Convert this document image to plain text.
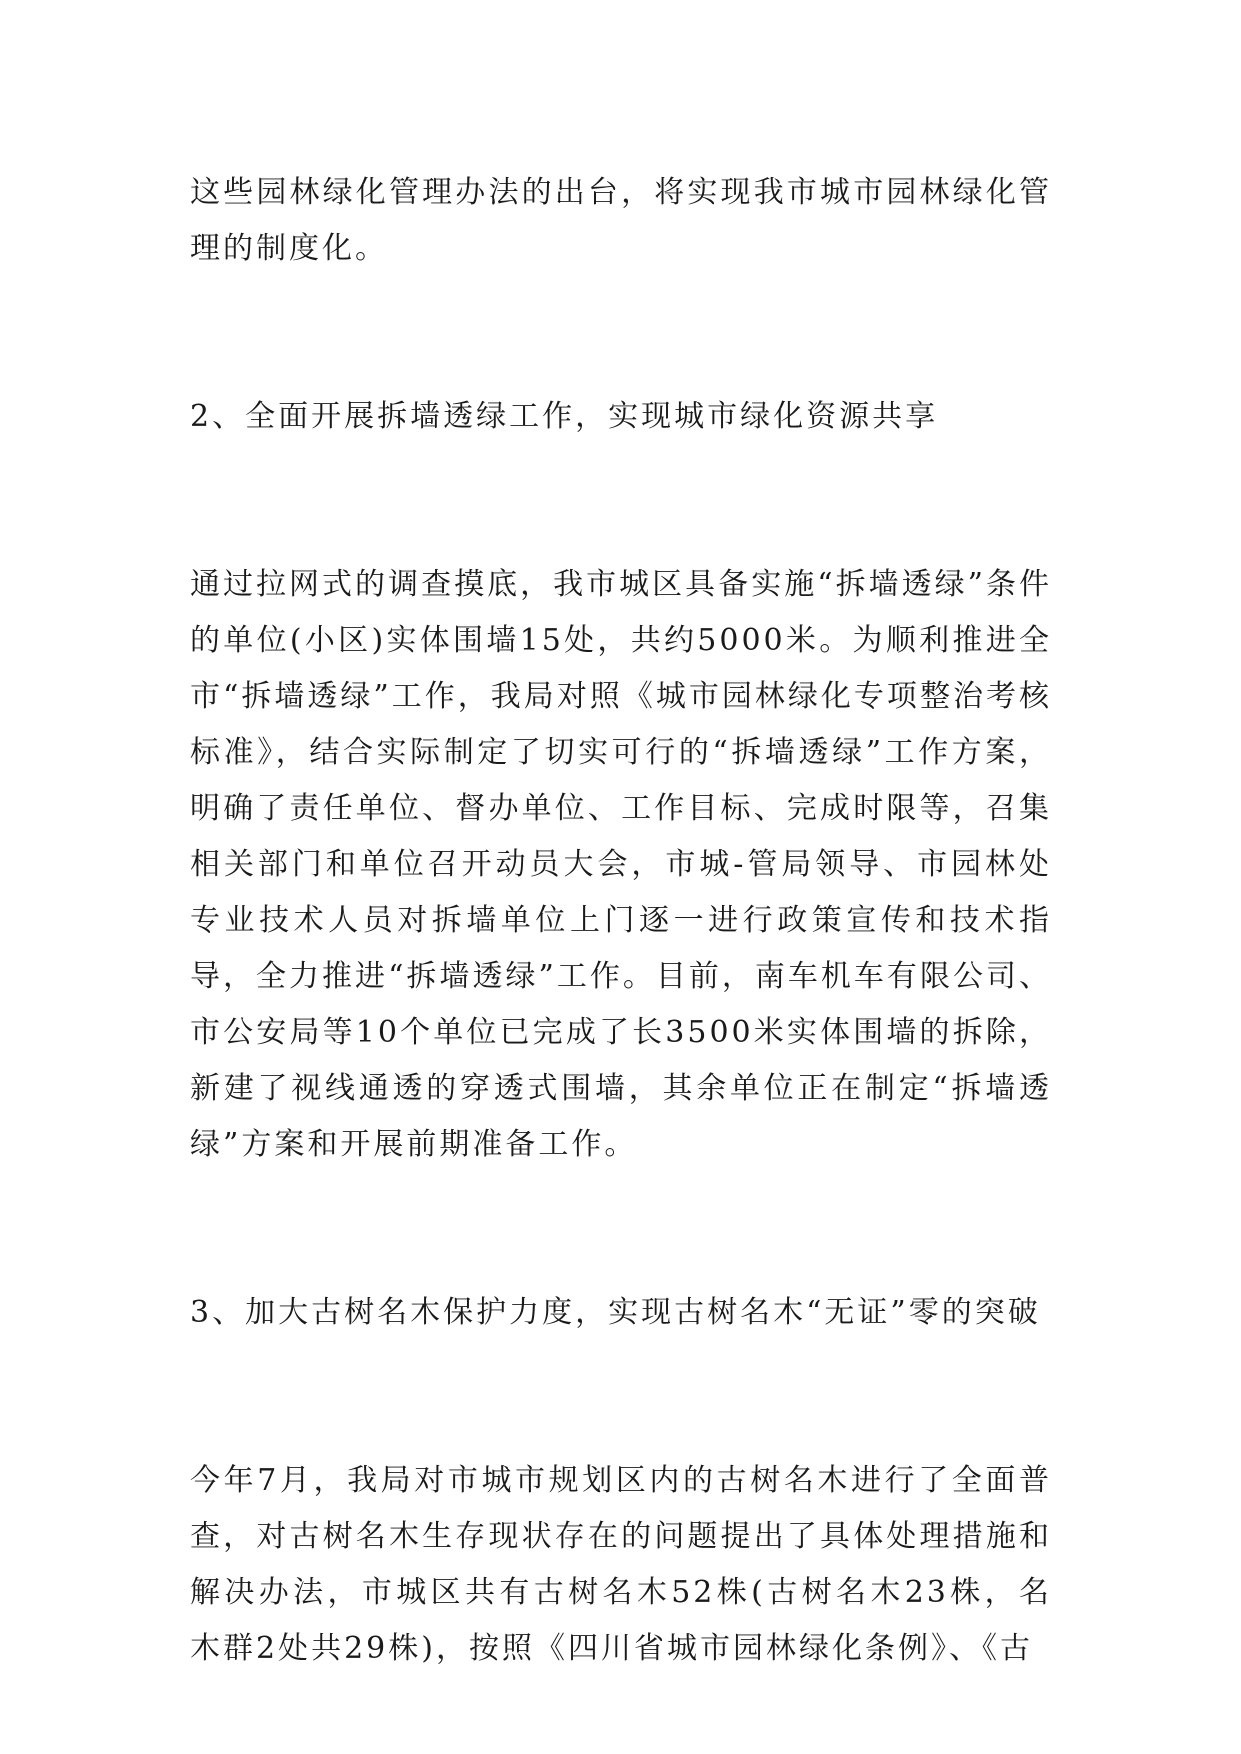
这些园林绿化管理办法的出台，将实现我市城市园林绿化管理的制度化。

2、全面开展拆墙透绿工作，实现城市绿化资源共享

通过拉网式的调查摸底，我市城区具备实施“拆墙透绿”条件的单位(小区)实体围墙15处，共约5000米。为顺利推进全市“拆墙透绿”工作，我局对照《城市园林绿化专项整治考核标准》，结合实际制定了切实可行的“拆墙透绿”工作方案，明确了责任单位、督办单位、工作目标、完成时限等，召集相关部门和单位召开动员大会，市城-管局领导、市园林处专业技术人员对拆墙单位上门逐一进行政策宣传和技术指导，全力推进“拆墙透绿”工作。目前，南车机车有限公司、市公安局等10个单位已完成了长3500米实体围墙的拆除，新建了视线通透的穿透式围墙，其余单位正在制定“拆墙透绿”方案和开展前期准备工作。

3、加大古树名木保护力度，实现古树名木“无证”零的突破

今年7月，我局对市城市规划区内的古树名木进行了全面普查，对古树名木生存现状存在的问题提出了具体处理措施和解决办法，市城区共有古树名木52株(古树名木23株，名木群2处共29株)，按照《四川省城市园林绿化条例》、《古
